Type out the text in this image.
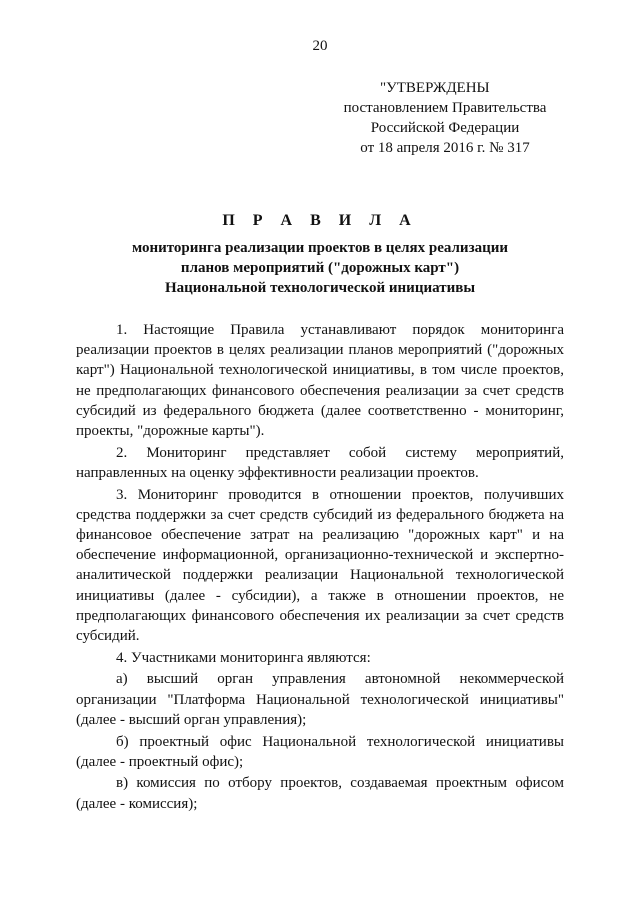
20
"УТВЕРЖДЕНЫ
постановлением Правительства
Российской Федерации
от 18 апреля 2016 г. № 317
П Р А В И Л А
мониторинга реализации проектов в целях реализации
планов мероприятий ("дорожных карт")
Национальной технологической инициативы

1. Настоящие Правила устанавливают порядок мониторинга реализации проектов в целях реализации планов мероприятий ("дорожных карт") Национальной технологической инициативы, в том числе проектов, не предполагающих финансового обеспечения реализации за счет средств субсидий из федерального бюджета (далее соответственно - мониторинг, проекты, "дорожные карты").

2. Мониторинг представляет собой систему мероприятий, направленных на оценку эффективности реализации проектов.

3. Мониторинг проводится в отношении проектов, получивших средства поддержки за счет средств субсидий из федерального бюджета на финансовое обеспечение затрат на реализацию "дорожных карт" и на обеспечение информационной, организационно-технической и экспертно-аналитической поддержки реализации Национальной технологической инициативы (далее - субсидии), а также в отношении проектов, не предполагающих финансового обеспечения их реализации за счет средств субсидий.

4. Участниками мониторинга являются:

а) высший орган управления автономной некоммерческой организации "Платформа Национальной технологической инициативы" (далее - высший орган управления);

б) проектный офис Национальной технологической инициативы (далее - проектный офис);

в) комиссия по отбору проектов, создаваемая проектным офисом (далее - комиссия);
